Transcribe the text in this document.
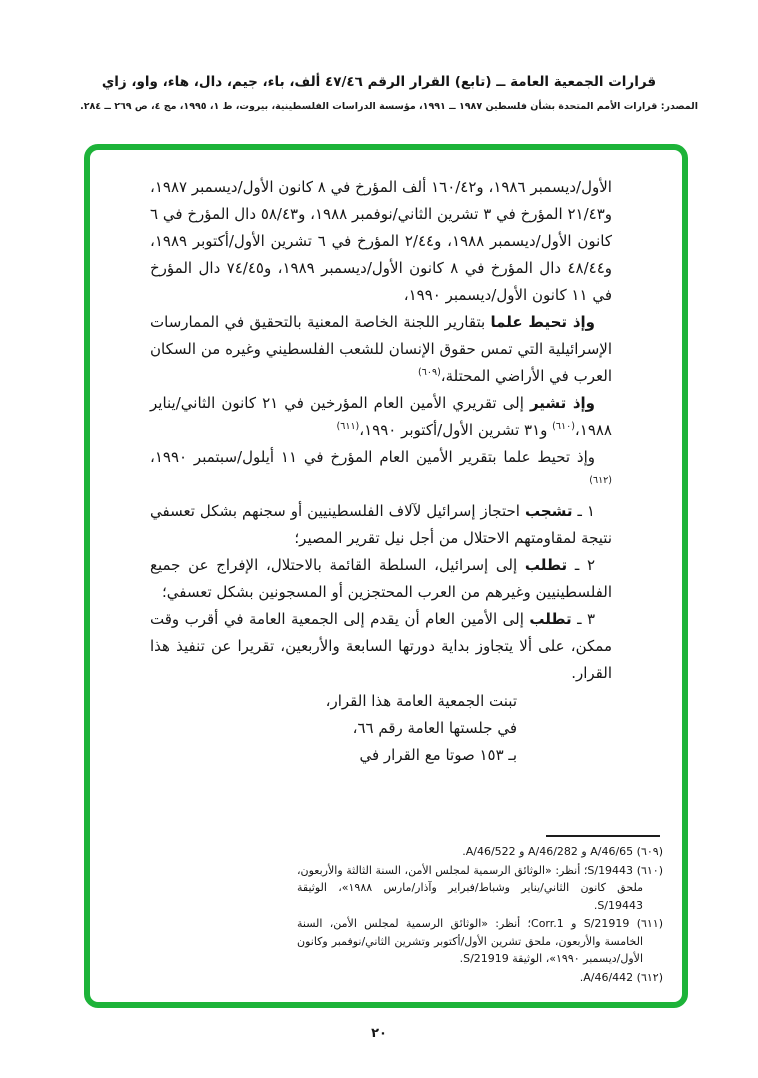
قرارات الجمعية العامة ــ (تابع) القرار الرقم ٤٧/٤٦ ألف، باء، جيم، دال، هاء، واو، زاي
المصدر: قرارات الأمم المتحدة بشأن فلسطين ١٩٨٧ ــ ١٩٩١، مؤسسة الدراسات الفلسطينية، بيروت، ط ١، ١٩٩٥، مج ٤، ص ٢٦٩ ــ ٢٨٤.

الأول/ديسمبر ١٩٨٦، و١٦٠/٤٢ ألف المؤرخ في ٨ كانون الأول/ديسمبر ١٩٨٧، و٢١/٤٣ المؤرخ في ٣ تشرين الثاني/نوفمبر ١٩٨٨، و٥٨/٤٣ دال المؤرخ في ٦ كانون الأول/ديسمبر ١٩٨٨، و٢/٤٤ المؤرخ في ٦ تشرين الأول/أكتوبر ١٩٨٩، و٤٨/٤٤ دال المؤرخ في ٨ كانون الأول/ديسمبر ١٩٨٩، و٧٤/٤٥ دال المؤرخ في ١١ كانون الأول/ديسمبر ١٩٩٠،

وإذ تحيط علما بتقارير اللجنة الخاصة المعنية بالتحقيق في الممارسات الإسرائيلية التي تمس حقوق الإنسان للشعب الفلسطيني وغيره من السكان العرب في الأراضي المحتلة،$^{(٦٠٩)}$

وإذ تشير إلى تقريري الأمين العام المؤرخين في ٢١ كانون الثاني/يناير ١٩٨٨،$^{(٦١٠)}$ و٣١ تشرين الأول/أكتوبر ١٩٩٠،$^{(٦١١)}$

وإذ تحيط علما بتقرير الأمين العام المؤرخ في ١١ أيلول/سبتمبر ١٩٩٠،$^{(٦١٢)}$

١ ـ تشجب احتجاز إسرائيل لآلاف الفلسطينيين أو سجنهم بشكل تعسفي نتيجة لمقاومتهم الاحتلال من أجل نيل تقرير المصير؛

٢ ـ تطلب إلى إسرائيل، السلطة القائمة بالاحتلال، الإفراج عن جميع الفلسطينيين وغيرهم من العرب المحتجزين أو المسجونين بشكل تعسفي؛

٣ ـ تطلب إلى الأمين العام أن يقدم إلى الجمعية العامة في أقرب وقت ممكن، على ألا يتجاوز بداية دورتها السابعة والأربعين، تقريرا عن تنفيذ هذا القرار.

تبنت الجمعية العامة هذا القرار،
في جلستها العامة رقم ٦٦،
بـ ١٥٣ صوتا مع القرار في

(٦٠٩) A/46/65 و A/46/282 و A/46/522.

(٦١٠) S/19443؛ أنظر: «الوثائق الرسمية لمجلس الأمن، السنة الثالثة والأربعون، ملحق كانون الثاني/يناير وشباط/فبراير وآذار/مارس ١٩٨٨»، الوثيقة S/19443.

(٦١١) S/21919 و Corr.1؛ أنظر: «الوثائق الرسمية لمجلس الأمن، السنة الخامسة والأربعون، ملحق تشرين الأول/أكتوبر وتشرين الثاني/نوفمبر وكانون الأول/ديسمبر ١٩٩٠»، الوثيقة S/21919.

(٦١٢) A/46/442.

٢٠
